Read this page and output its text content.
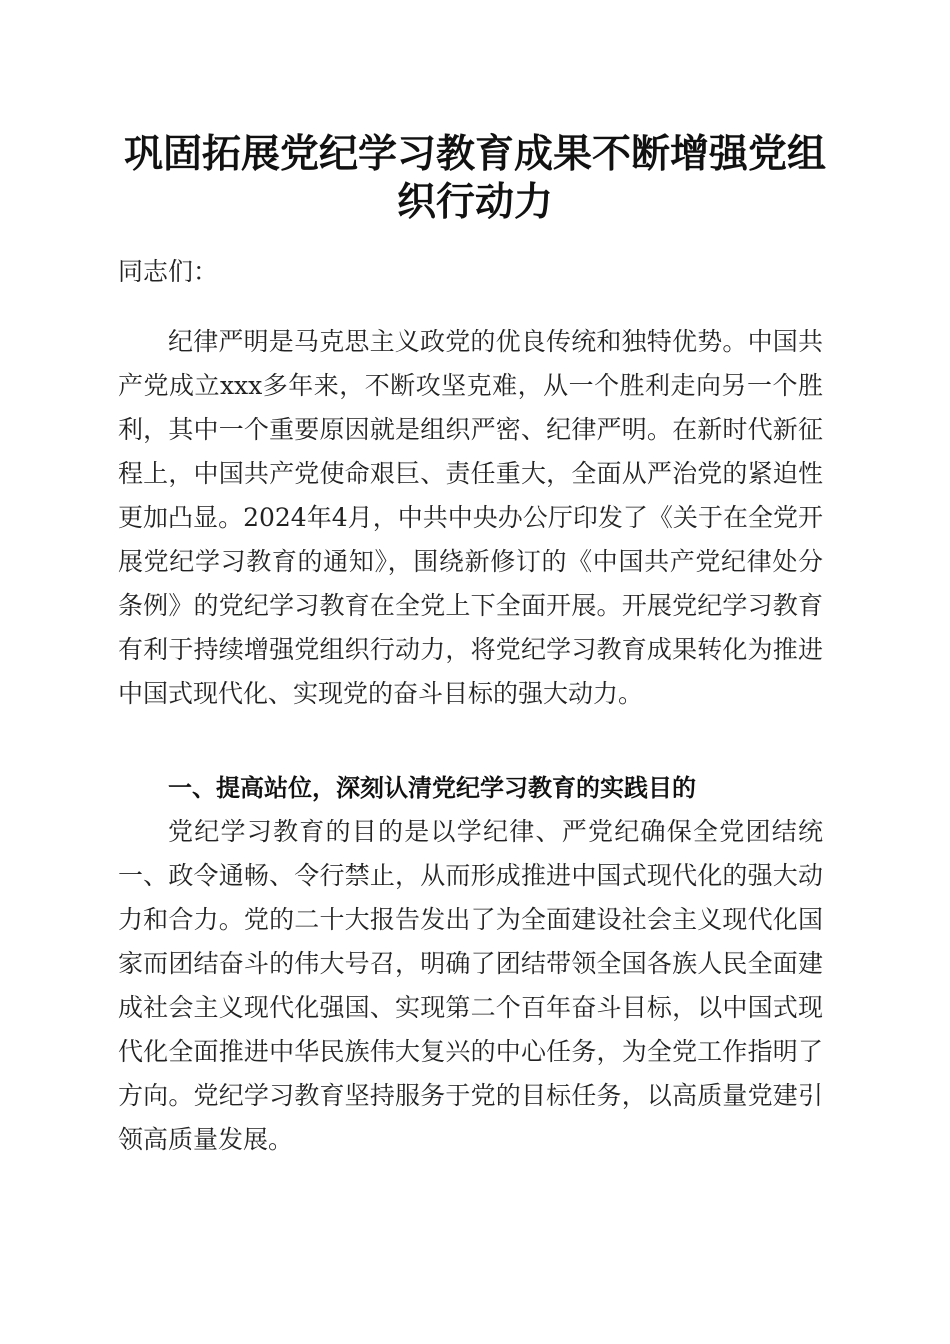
巩固拓展党纪学习教育成果不断增强党组织行动力

同志们：

纪律严明是马克思主义政党的优良传统和独特优势。中国共产党成立xxx多年来，不断攻坚克难，从一个胜利走向另一个胜利，其中一个重要原因就是组织严密、纪律严明。在新时代新征程上，中国共产党使命艰巨、责任重大，全面从严治党的紧迫性更加凸显。2024年4月，中共中央办公厅印发了《关于在全党开展党纪学习教育的通知》，围绕新修订的《中国共产党纪律处分条例》的党纪学习教育在全党上下全面开展。开展党纪学习教育有利于持续增强党组织行动力，将党纪学习教育成果转化为推进中国式现代化、实现党的奋斗目标的强大动力。

一、提高站位，深刻认清党纪学习教育的实践目的

党纪学习教育的目的是以学纪律、严党纪确保全党团结统一、政令通畅、令行禁止，从而形成推进中国式现代化的强大动力和合力。党的二十大报告发出了为全面建设社会主义现代化国家而团结奋斗的伟大号召，明确了团结带领全国各族人民全面建成社会主义现代化强国、实现第二个百年奋斗目标，以中国式现代化全面推进中华民族伟大复兴的中心任务，为全党工作指明了方向。党纪学习教育坚持服务于党的目标任务，以高质量党建引领高质量发展。
